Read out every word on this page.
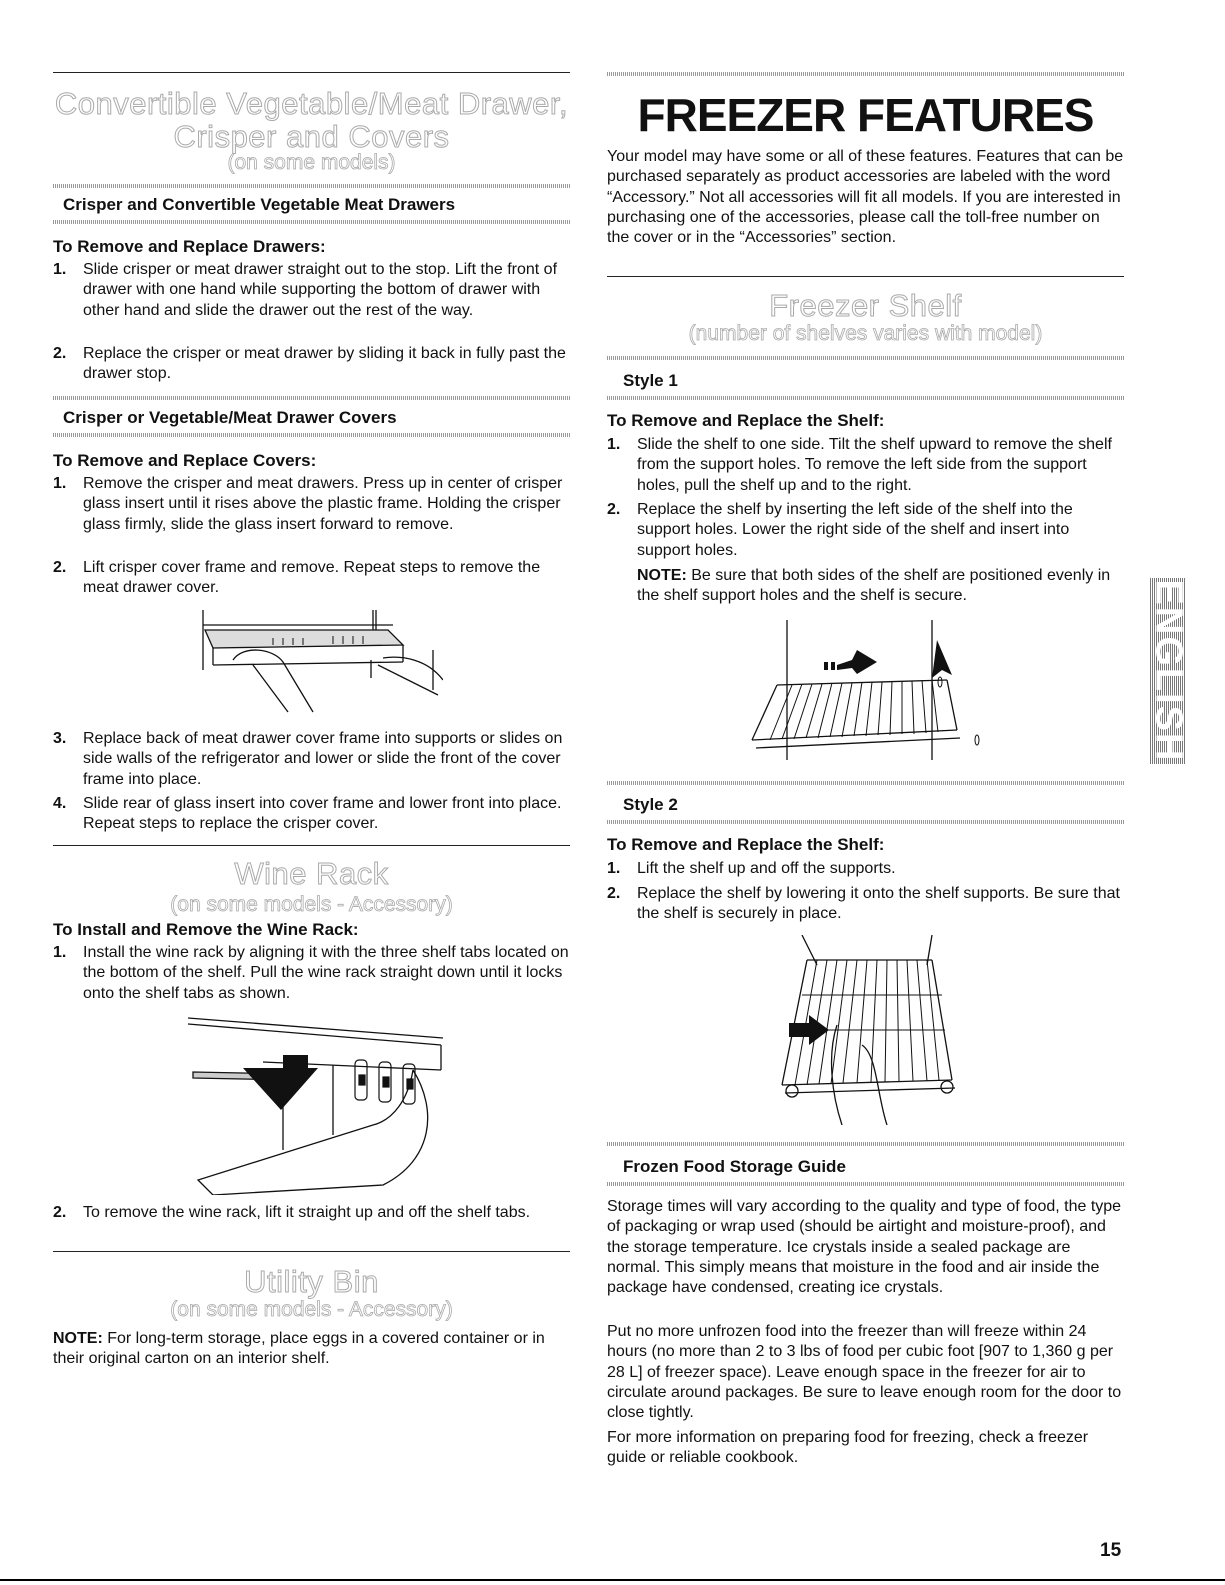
Convertible Vegetable/Meat Drawer,
Crisper and Covers
(on some models)
Crisper and Convertible Vegetable Meat Drawers
To Remove and Replace Drawers:
1. Slide crisper or meat drawer straight out to the stop. Lift the front of drawer with one hand while supporting the bottom of drawer with other hand and slide the drawer out the rest of the way.
2. Replace the crisper or meat drawer by sliding it back in fully past the drawer stop.
Crisper or Vegetable/Meat Drawer Covers
To Remove and Replace Covers:
1. Remove the crisper and meat drawers. Press up in center of crisper glass insert until it rises above the plastic frame. Holding the crisper glass firmly, slide the glass insert forward to remove.
2. Lift crisper cover frame and remove. Repeat steps to remove the meat drawer cover.
3. Replace back of meat drawer cover frame into supports or slides on side walls of the refrigerator and lower or slide the front of the cover frame into place.
4. Slide rear of glass insert into cover frame and lower front into place. Repeat steps to replace the crisper cover.
Wine Rack
(on some models - Accessory)
To Install and Remove the Wine Rack:
1. Install the wine rack by aligning it with the three shelf tabs located on the bottom of the shelf. Pull the wine rack straight down until it locks onto the shelf tabs as shown.
2. To remove the wine rack, lift it straight up and off the shelf tabs.
Utility Bin
(on some models - Accessory)
NOTE: For long-term storage, place eggs in a covered container or in their original carton on an interior shelf.
FREEZER FEATURES
Your model may have some or all of these features. Features that can be purchased separately as product accessories are labeled with the word “Accessory.” Not all accessories will fit all models. If you are interested in purchasing one of the accessories, please call the toll-free number on the cover or in the “Accessories” section.
Freezer Shelf
(number of shelves varies with model)
Style 1
To Remove and Replace the Shelf:
1. Slide the shelf to one side. Tilt the shelf upward to remove the shelf from the support holes. To remove the left side from the support holes, pull the shelf up and to the right.
2. Replace the shelf by inserting the left side of the shelf into the support holes. Lower the right side of the shelf and insert into support holes.
NOTE: Be sure that both sides of the shelf are positioned evenly in the shelf support holes and the shelf is secure.
Style 2
To Remove and Replace the Shelf:
1. Lift the shelf up and off the supports.
2. Replace the shelf by lowering it onto the shelf supports. Be sure that the shelf is securely in place.
Frozen Food Storage Guide
Storage times will vary according to the quality and type of food, the type of packaging or wrap used (should be airtight and moisture-proof), and the storage temperature. Ice crystals inside a sealed package are normal. This simply means that moisture in the food and air inside the package have condensed, creating ice crystals.
Put no more unfrozen food into the freezer than will freeze within 24 hours (no more than 2 to 3 lbs of food per cubic foot [907 to 1,360 g per 28 L] of freezer space). Leave enough space in the freezer for air to circulate around packages. Be sure to leave enough room for the door to close tightly.
For more information on preparing food for freezing, check a freezer guide or reliable cookbook.
ENGLISH
15
